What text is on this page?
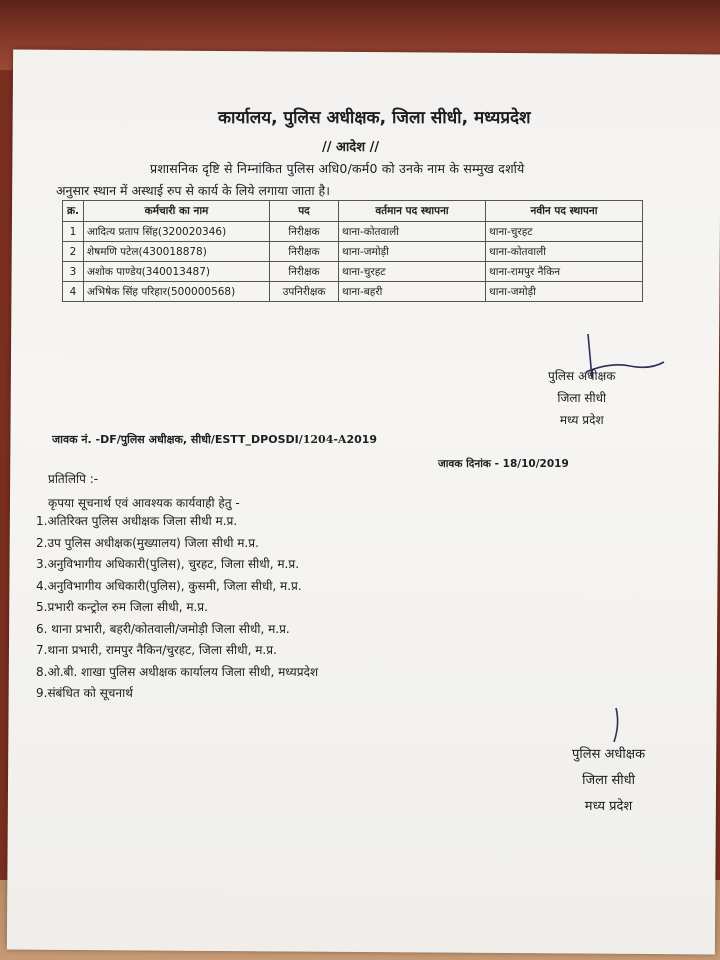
कार्यालय, पुलिस अधीक्षक, जिला सीधी, मध्यप्रदेश
// आदेश //
प्रशासनिक दृष्टि से निम्नांकित पुलिस अधि0/कर्म0 को उनके नाम के सम्मुख दर्शाये
अनुसार स्थान में अस्थाई रुप से कार्य के लिये लगाया जाता है।
क्र.	कर्मचारी का नाम	पद	वर्तमान पद स्थापना	नवीन पद स्थापना
1	आदित्य प्रताप सिंह(320020346)	निरीक्षक	थाना-कोतवाली	थाना-चुरहट
2	शेषमणि पटेल(430018878)	निरीक्षक	थाना-जमोड़ी	थाना-कोतवाली
3	अशोक पाण्डेय(340013487)	निरीक्षक	थाना-चुरहट	थाना-रामपुर नैकिन
4	अभिषेक सिंह परिहार(500000568)	उपनिरीक्षक	थाना-बहरी	थाना-जमोड़ी
पुलिस अधीक्षक
जिला सीधी
मध्य प्रदेश
जावक नं. -DF/पुलिस अधीक्षक, सीधी/ESTT_DPOSDI/1204-A2019
जावक दिनांक - 18/10/2019
प्रतिलिपि :-
कृपया सूचनार्थ एवं आवश्यक कार्यवाही हेतु -
1.अतिरिक्त पुलिस अधीक्षक जिला सीधी म.प्र.
2.उप पुलिस अधीक्षक(मुख्यालय) जिला सीधी म.प्र.
3.अनुविभागीय अधिकारी(पुलिस), चुरहट, जिला सीधी, म.प्र.
4.अनुविभागीय अधिकारी(पुलिस), कुसमी, जिला सीधी, म.प्र.
5.प्रभारी कन्ट्रोल रुम जिला सीधी, म.प्र.
6. थाना प्रभारी, बहरी/कोतवाली/जमोड़ी जिला सीधी, म.प्र.
7.थाना प्रभारी, रामपुर नैकिन/चुरहट, जिला सीधी, म.प्र.
8.ओ.बी. शाखा पुलिस अधीक्षक कार्यालय जिला सीधी, मध्यप्रदेश
9.संबंधित को सूचनार्थ
पुलिस अधीक्षक
जिला सीधी
मध्य प्रदेश
